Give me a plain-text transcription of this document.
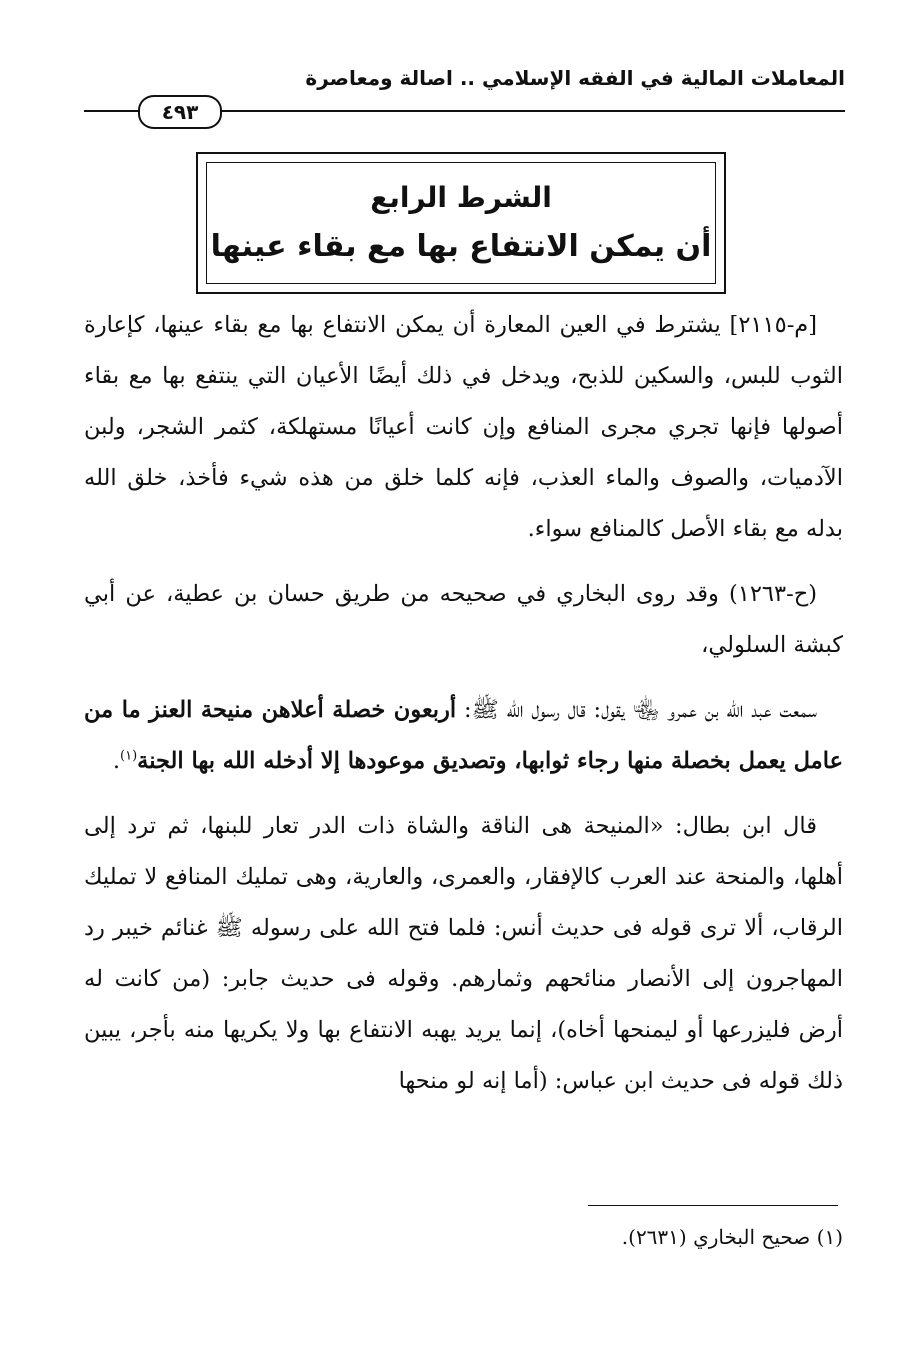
المعاملات المالية في الفقه الإسلامي .. اصالة ومعاصرة
٤٩٣
الشرط الرابع
أن يمكن الانتفاع بها مع بقاء عينها

[م-٢١١٥] يشترط في العين المعارة أن يمكن الانتفاع بها مع بقاء عينها، كإعارة الثوب للبس، والسكين للذبح، ويدخل في ذلك أيضًا الأعيان التي ينتفع بها مع بقاء أصولها فإنها تجري مجرى المنافع وإن كانت أعيانًا مستهلكة، كثمر الشجر، ولبن الآدميات، والصوف والماء العذب، فإنه كلما خلق من هذه شيء فأخذ، خلق الله بدله مع بقاء الأصل كالمنافع سواء.

(ح-١٢٦٣) وقد روى البخاري في صحيحه من طريق حسان بن عطية، عن أبي كبشة السلولي،

سمعت عبد الله بن عمرو ﵄ يقول: قال رسول الله ﷺ: أربعون خصلة أعلاهن منيحة العنز ما من عامل يعمل بخصلة منها رجاء ثوابها، وتصديق موعودها إلا أدخله الله بها الجنة$^{(١)}$.

قال ابن بطال: «المنيحة هى الناقة والشاة ذات الدر تعار للبنها، ثم ترد إلى أهلها، والمنحة عند العرب كالإفقار، والعمرى، والعارية، وهى تمليك المنافع لا تمليك الرقاب، ألا ترى قوله فى حديث أنس: فلما فتح الله على رسوله ﷺ غنائم خيبر رد المهاجرون إلى الأنصار منائحهم وثمارهم. وقوله فى حديث جابر: (من كانت له أرض فليزرعها أو ليمنحها أخاه)، إنما يريد يهبه الانتفاع بها ولا يكريها منه بأجر، يبين ذلك قوله فى حديث ابن عباس: (أما إنه لو منحها

(١) صحيح البخاري (٢٦٣١).
